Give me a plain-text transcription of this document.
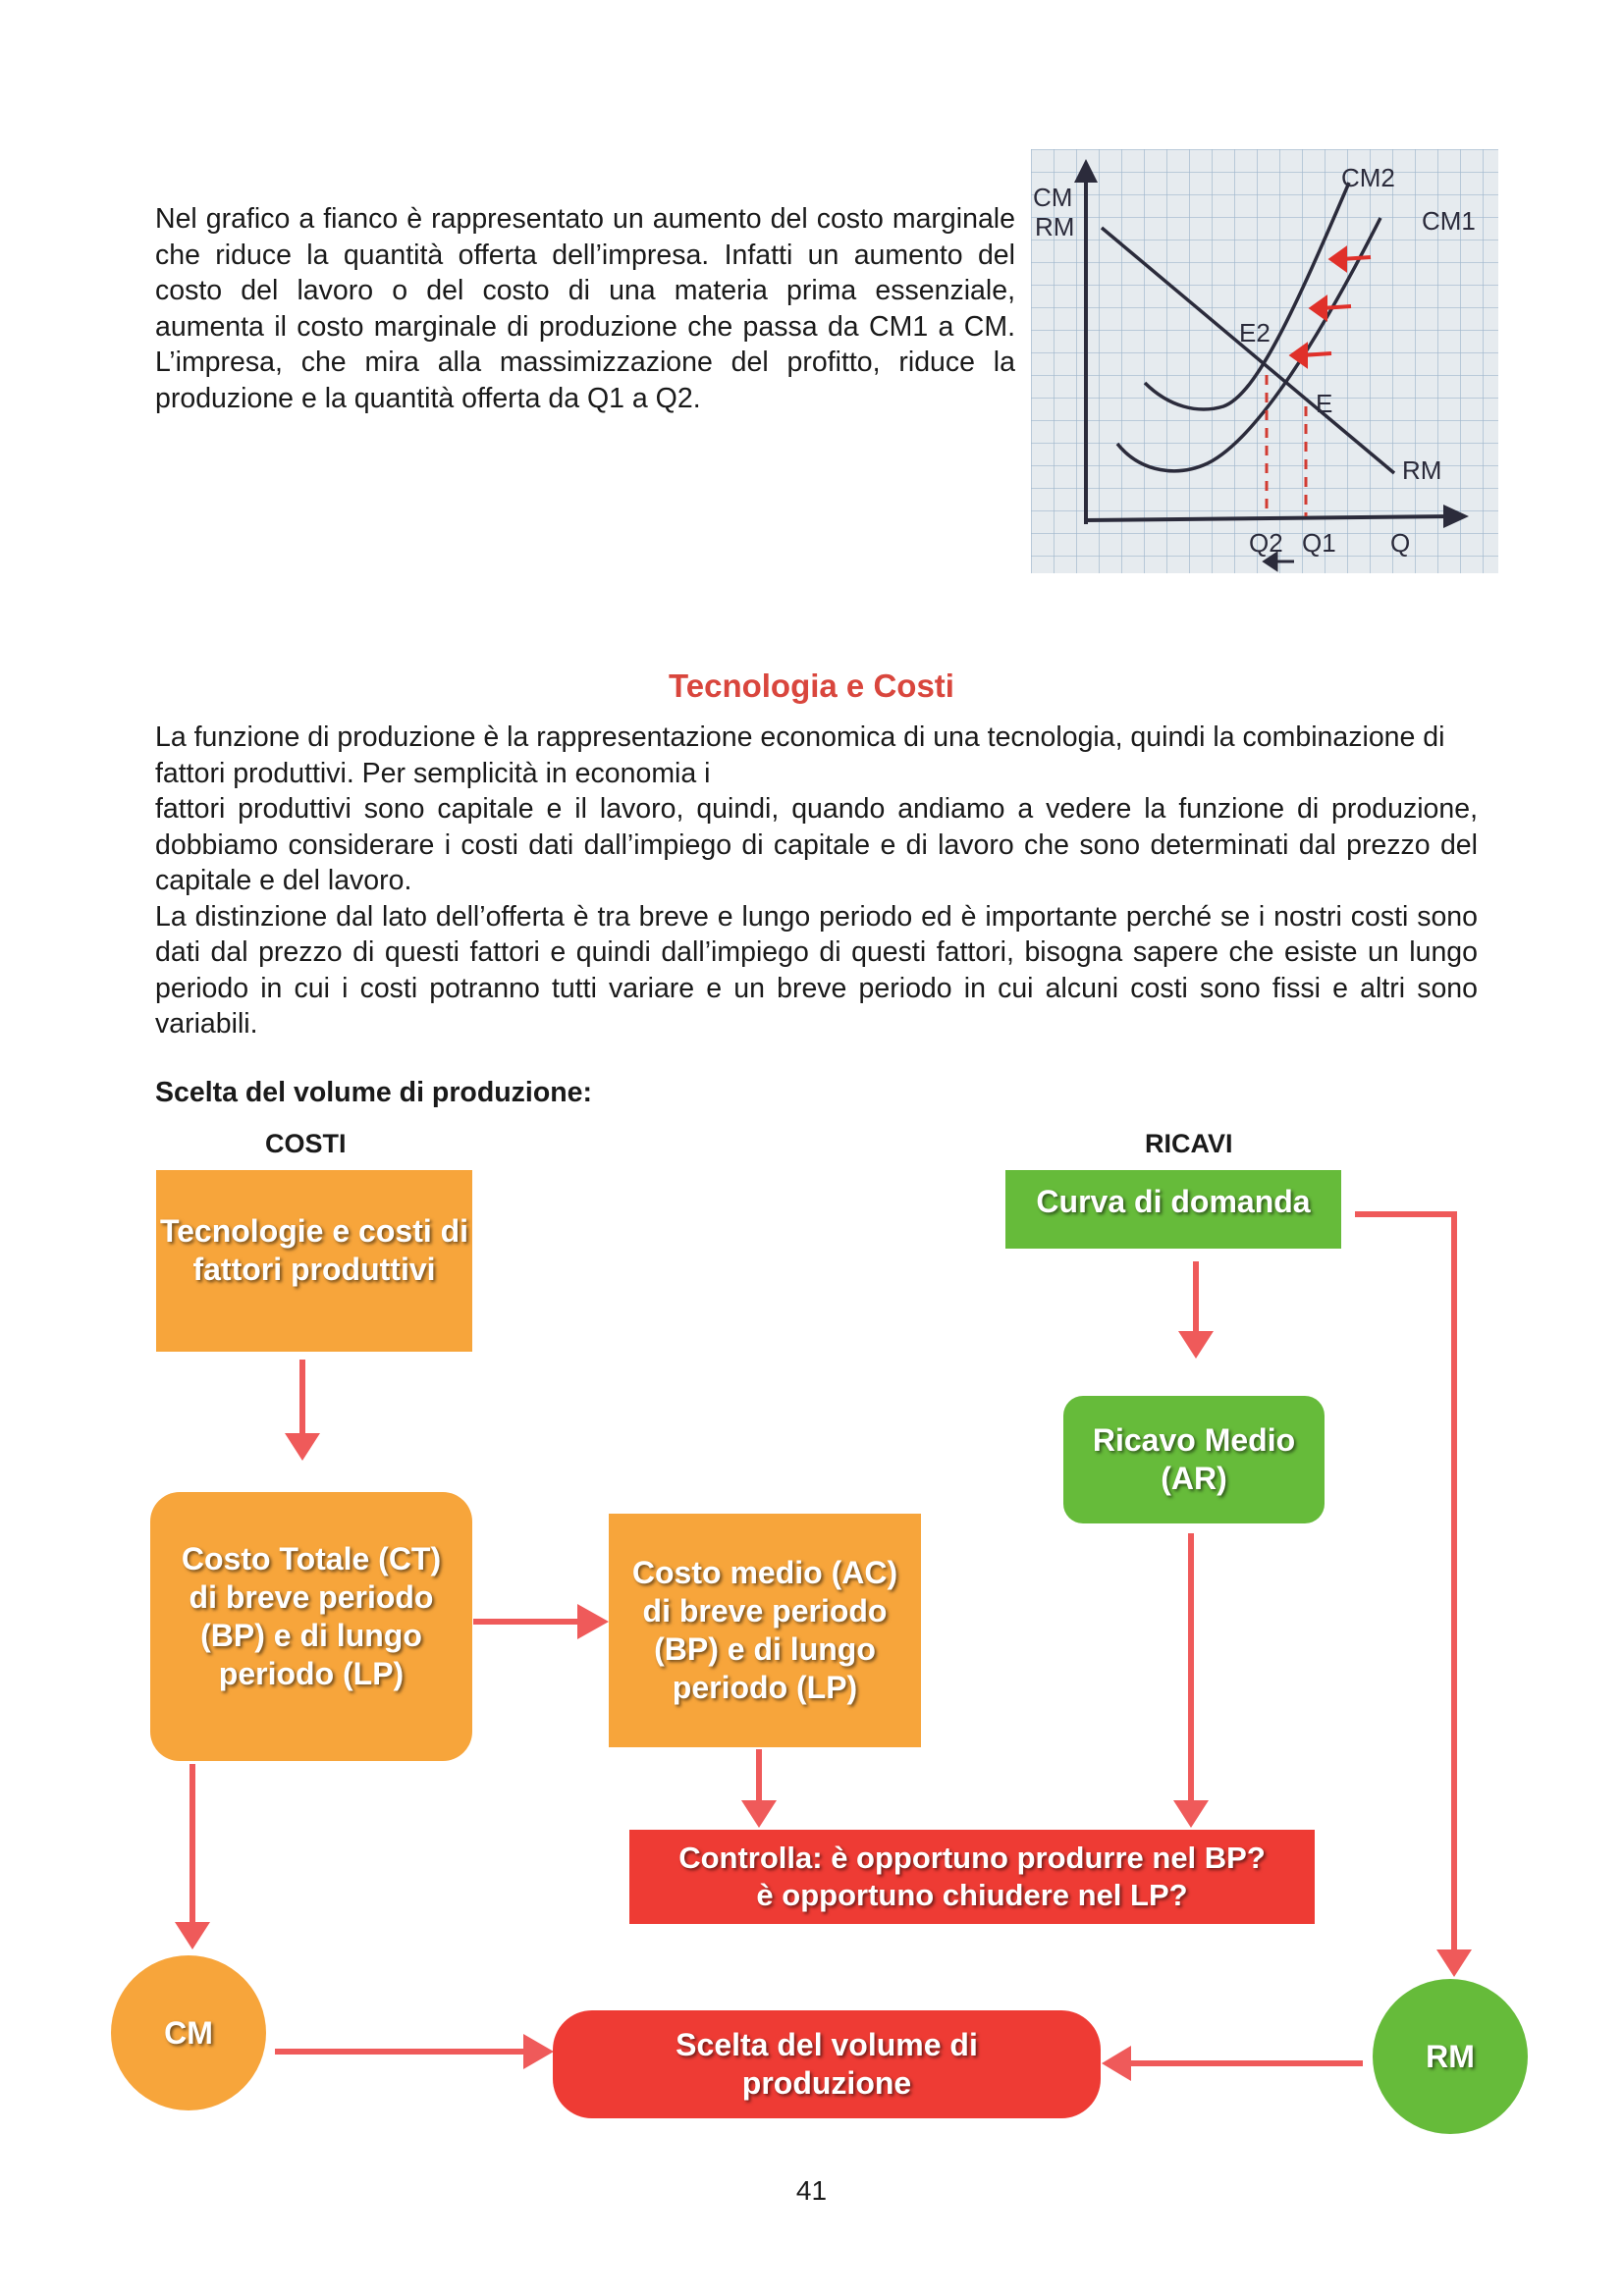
Nel grafico a fianco è rappresentato un aumento del costo marginale che riduce la quantità offerta dell’impresa. Infatti un aumento del costo del lavoro o del costo di una materia prima essenziale, aumenta il costo marginale di produzione che passa da CM1 a CM. L’impresa, che mira alla massimizzazione del profitto, riduce la produzione e la quantità offerta da Q1 a Q2.

CM
RM
CM2
CM1
RM
E2
E
Q2 Q1 Q
Tecnologia e Costi

La funzione di produzione è la rappresentazione economica di una tecnologia, quindi la combinazione di fattori produttivi. Per semplicità in economia i

fattori produttivi sono capitale e il lavoro, quindi, quando andiamo a vedere la funzione di produzione, dobbiamo considerare i costi dati dall’impiego di capitale e di lavoro che sono determinati dal prezzo del capitale e del lavoro.

La distinzione dal lato dell’offerta è tra breve e lungo periodo ed è importante perché se i nostri costi sono dati dal prezzo di questi fattori e quindi dall’impiego di questi fattori, bisogna sapere che esiste un lungo periodo in cui i costi potranno tutti variare e un breve periodo in cui alcuni costi sono fissi e altri sono variabili.

Scelta del volume di produzione:
COSTI	RICAVI
Tecnologie e costi di fattori produttivi
Costo Totale (CT) di breve periodo (BP) e di lungo periodo (LP)
Costo medio (AC) di breve periodo (BP) e di lungo periodo (LP)
Curva di domanda
Ricavo Medio (AR)
Controlla: è opportuno produrre nel BP?
è opportuno chiudere nel LP?
CM	Scelta del volume di produzione
RM
41
